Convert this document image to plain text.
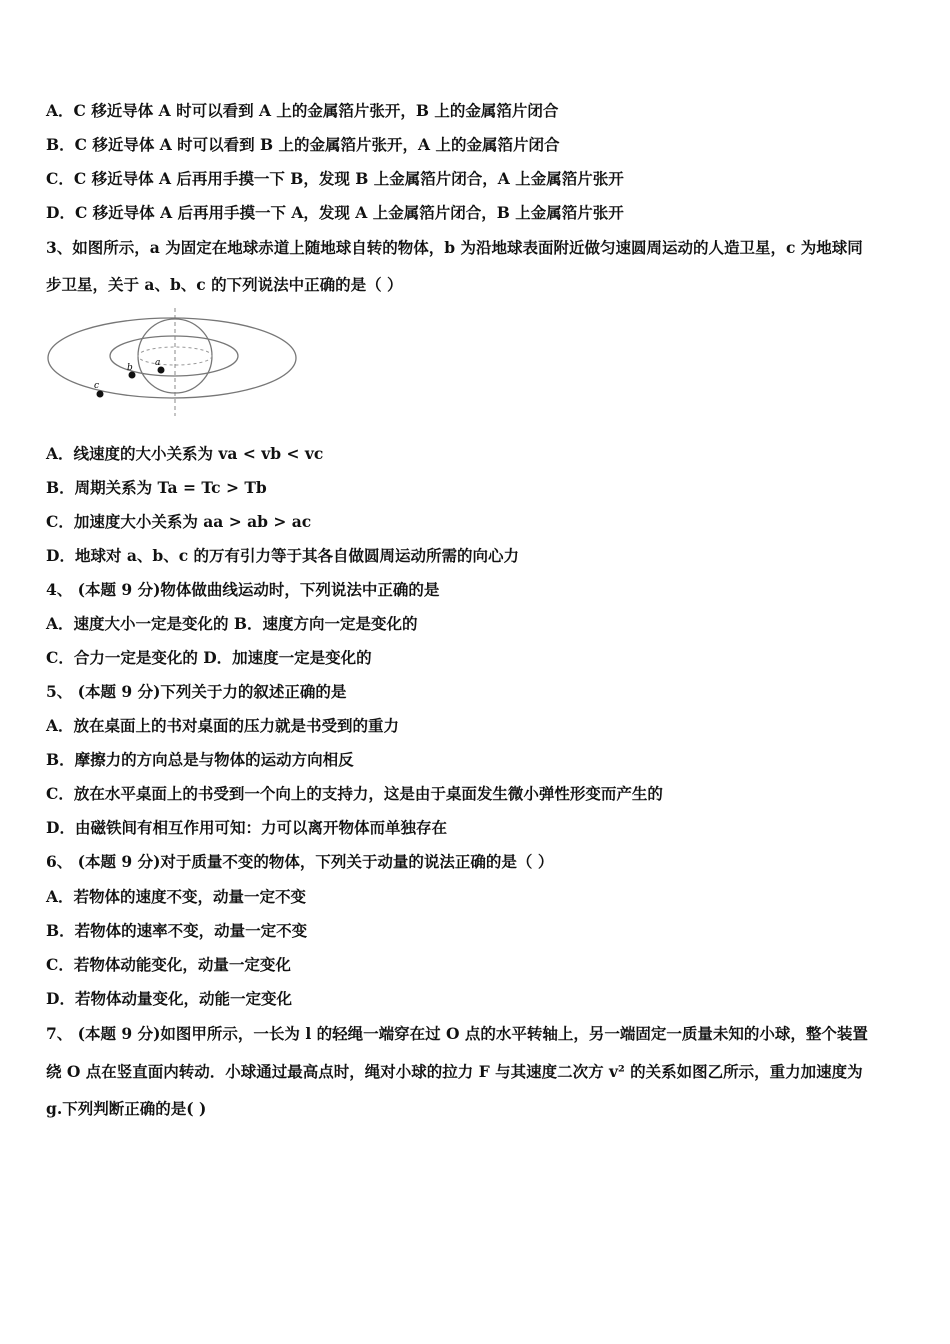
A．C 移近导体 A 时可以看到 A 上的金属箔片张开，B 上的金属箔片闭合
B．C 移近导体 A 时可以看到 B 上的金属箔片张开，A 上的金属箔片闭合
C．C 移近导体 A 后再用手摸一下 B，发现 B 上金属箔片闭合，A 上金属箔片张开
D．C 移近导体 A 后再用手摸一下 A，发现 A 上金属箔片闭合，B 上金属箔片张开
3、如图所示，a 为固定在地球赤道上随地球自转的物体，b 为沿地球表面附近做匀速圆周运动的人造卫星，c 为地球同
步卫星，关于 a、b、c 的下列说法中正确的是（ ）
a
b
c
A．线速度的大小关系为 va < vb < vc
B．周期关系为 Ta = Tc > Tb
C．加速度大小关系为 aa > ab > ac
D．地球对 a、b、c 的万有引力等于其各自做圆周运动所需的向心力
4、 (本题 9 分)物体做曲线运动时，下列说法中正确的是
A．速度大小一定是变化的 B．速度方向一定是变化的
C．合力一定是变化的 D．加速度一定是变化的
5、 (本题 9 分)下列关于力的叙述正确的是
A．放在桌面上的书对桌面的压力就是书受到的重力
B．摩擦力的方向总是与物体的运动方向相反
C．放在水平桌面上的书受到一个向上的支持力，这是由于桌面发生微小弹性形变而产生的
D．由磁铁间有相互作用可知：力可以离开物体而单独存在
6、 (本题 9 分)对于质量不变的物体，下列关于动量的说法正确的是（ ）
A．若物体的速度不变，动量一定不变
B．若物体的速率不变，动量一定不变
C．若物体动能变化，动量一定变化
D．若物体动量变化，动能一定变化
7、 (本题 9 分)如图甲所示，一长为 l 的轻绳一端穿在过 O 点的水平转轴上，另一端固定一质量未知的小球，整个装置
绕 O 点在竖直面内转动．小球通过最高点时，绳对小球的拉力 F 与其速度二次方 v² 的关系如图乙所示，重力加速度为
g.下列判断正确的是( )
